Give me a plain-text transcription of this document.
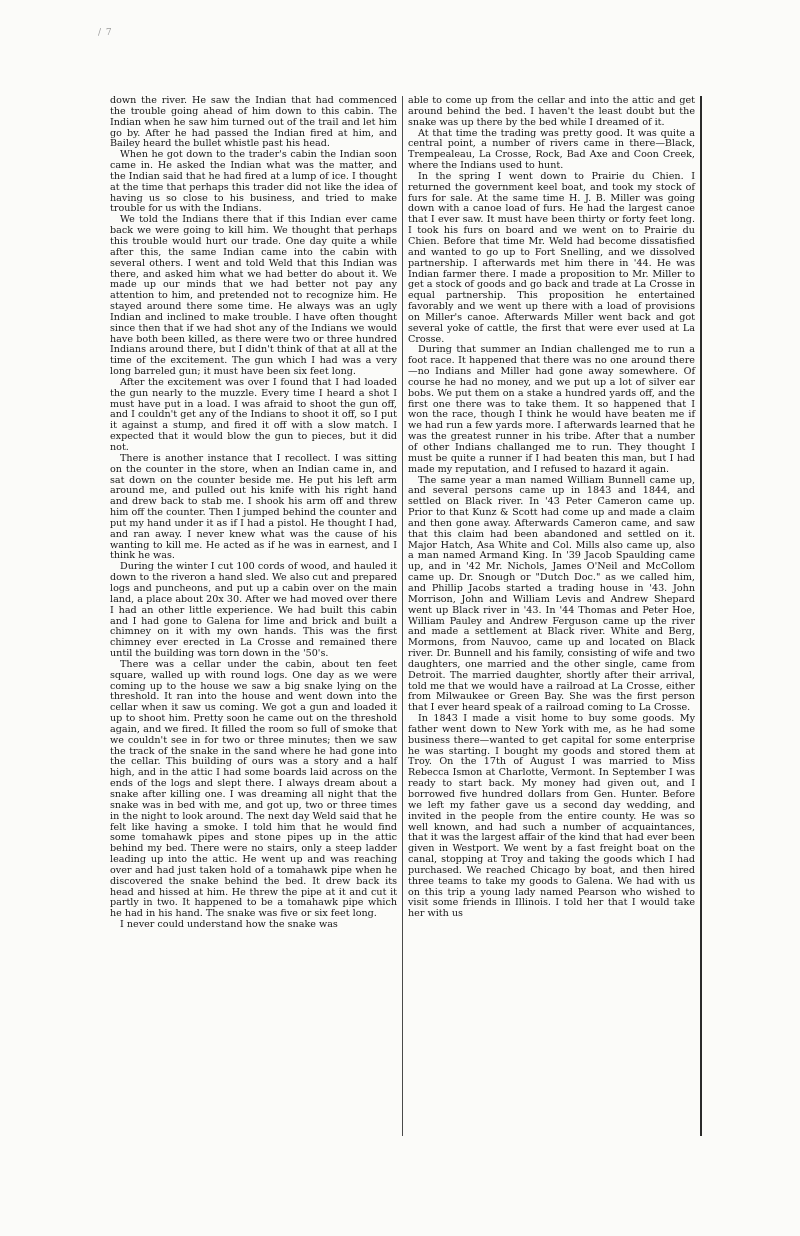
/ 7

down the river. He saw the Indian that had commenced the trouble going ahead of him down to this cabin. The Indian when he saw him turned out of the trail and let him go by. After he had passed the Indian fired at him, and Bailey heard the bullet whistle past his head.

When he got down to the trader's cabin the Indian soon came in. He asked the Indian what was the matter, and the Indian said that he had fired at a lump of ice. I thought at the time that perhaps this trader did not like the idea of having us so close to his business, and tried to make trouble for us with the Indians.

We told the Indians there that if this Indian ever came back we were going to kill him. We thought that perhaps this trouble would hurt our trade. One day quite a while after this, the same Indian came into the cabin with several others. I went and told Weld that this Indian was there, and asked him what we had better do about it. We made up our minds that we had better not pay any attention to him, and pretended not to recognize him. He stayed around there some time. He always was an ugly Indian and inclined to make trouble. I have often thought since then that if we had shot any of the Indians we would have both been killed, as there were two or three hundred Indians around there, but I didn't think of that at all at the time of the excitement. The gun which I had was a very long barreled gun; it must have been six feet long.

After the excitement was over I found that I had loaded the gun nearly to the muzzle. Every time I heard a shot I must have put in a load. I was afraid to shoot the gun off, and I couldn't get any of the Indians to shoot it off, so I put it against a stump, and fired it off with a slow match. I expected that it would blow the gun to pieces, but it did not.

There is another instance that I recollect. I was sitting on the counter in the store, when an Indian came in, and sat down on the counter beside me. He put his left arm around me, and pulled out his knife with his right hand and drew back to stab me. I shook his arm off and threw him off the counter. Then I jumped behind the counter and put my hand under it as if I had a pistol. He thought I had, and ran away. I never knew what was the cause of his wanting to kill me. He acted as if he was in earnest, and I think he was.

During the winter I cut 100 cords of wood, and hauled it down to the riveron a hand sled. We also cut and prepared logs and puncheons, and put up a cabin over on the main land, a place about 20x 30. After we had moved over there I had an other little experience. We had built this cabin and I had gone to Galena for lime and brick and built a chimney on it with my own hands. This was the first chimney ever erected in La Crosse and remained there until the building was torn down in the '50's.

There was a cellar under the cabin, about ten feet square, walled up with round logs. One day as we were coming up to the house we saw a big snake lying on the threshold. It ran into the house and went down into the cellar when it saw us coming. We got a gun and loaded it up to shoot him. Pretty soon he came out on the threshold again, and we fired. It filled the room so full of smoke that we couldn't see in for two or three minutes; then we saw the track of the snake in the sand where he had gone into the cellar. This building of ours was a story and a half high, and in the attic I had some boards laid across on the ends of the logs and slept there. I always dream about a snake after killing one. I was dreaming all night that the snake was in bed with me, and got up, two or three times in the night to look around. The next day Weld said that he felt like having a smoke. I told him that he would find some tomahawk pipes and stone pipes up in the attic behind my bed. There were no stairs, only a steep ladder leading up into the attic. He went up and was reaching over and had just taken hold of a tomahawk pipe when he discovered the snake behind the bed. It drew back its head and hissed at him. He threw the pipe at it and cut it partly in two. It happened to be a tomahawk pipe which he had in his hand. The snake was five or six feet long.

I never could understand how the snake was

able to come up from the cellar and into the attic and get around behind the bed. I haven't the least doubt but the snake was up there by the bed while I dreamed of it.

At that time the trading was pretty good. It was quite a central point, a number of rivers came in there—Black, Trempealeau, La Crosse, Rock, Bad Axe and Coon Creek, where the Indians used to hunt.

In the spring I went down to Prairie du Chien. I returned the government keel boat, and took my stock of furs for sale. At the same time H. J. B. Miller was going down with a canoe load of furs. He had the largest canoe that I ever saw. It must have been thirty or forty feet long. I took his furs on board and we went on to Prairie du Chien. Before that time Mr. Weld had become dissatisfied and wanted to go up to Fort Snelling, and we dissolved partnership. I afterwards met him there in '44. He was Indian farmer there. I made a proposition to Mr. Miller to get a stock of goods and go back and trade at La Crosse in equal partnership. This proposition he entertained favorably and we went up there with a load of provisions on Miller's canoe. Afterwards Miller went back and got several yoke of cattle, the first that were ever used at La Crosse.

During that summer an Indian challenged me to run a foot race. It happened that there was no one around there—no Indians and Miller had gone away somewhere. Of course he had no money, and we put up a lot of silver ear bobs. We put them on a stake a hundred yards off, and the first one there was to take them. It so happened that I won the race, though I think he would have beaten me if we had run a few yards more. I afterwards learned that he was the greatest runner in his tribe. After that a number of other Indians challanged me to run. They thought I must be quite a runner if I had beaten this man, but I had made my reputation, and I refused to hazard it again.

The same year a man named William Bunnell came up, and several persons came up in 1843 and 1844, and settled on Black river. In '43 Peter Cameron came up. Prior to that Kunz & Scott had come up and made a claim and then gone away. Afterwards Cameron came, and saw that this claim had been abandoned and settled on it. Major Hatch, Asa White and Col. Mills also came up, also a man named Armand King. In '39 Jacob Spaulding came up, and in '42 Mr. Nichols, James O'Neil and McCollom came up. Dr. Snough or "Dutch Doc." as we called him, and Phillip Jacobs started a trading house in '43. John Morrison, John and William Levis and Andrew Shepard went up Black river in '43. In '44 Thomas and Peter Hoe, William Pauley and Andrew Ferguson came up the river and made a settlement at Black river. White and Berg, Mormons, from Nauvoo, came up and located on Black river. Dr. Bunnell and his family, consisting of wife and two daughters, one married and the other single, came from Detroit. The married daughter, shortly after their arrival, told me that we would have a railroad at La Crosse, either from Milwaukee or Green Bay. She was the first person that I ever heard speak of a railroad coming to La Crosse.

In 1843 I made a visit home to buy some goods. My father went down to New York with me, as he had some business there—wanted to get capital for some enterprise he was starting. I bought my goods and stored them at Troy. On the 17th of August I was married to Miss Rebecca Ismon at Charlotte, Vermont. In September I was ready to start back. My money had given out, and I borrowed five hundred dollars from Gen. Hunter. Before we left my father gave us a second day wedding, and invited in the people from the entire county. He was so well known, and had such a number of acquaintances, that it was the largest affair of the kind that had ever been given in Westport. We went by a fast freight boat on the canal, stopping at Troy and taking the goods which I had purchased. We reached Chicago by boat, and then hired three teams to take my goods to Galena. We had with us on this trip a young lady named Pearson who wished to visit some friends in Illinois. I told her that I would take her with us
